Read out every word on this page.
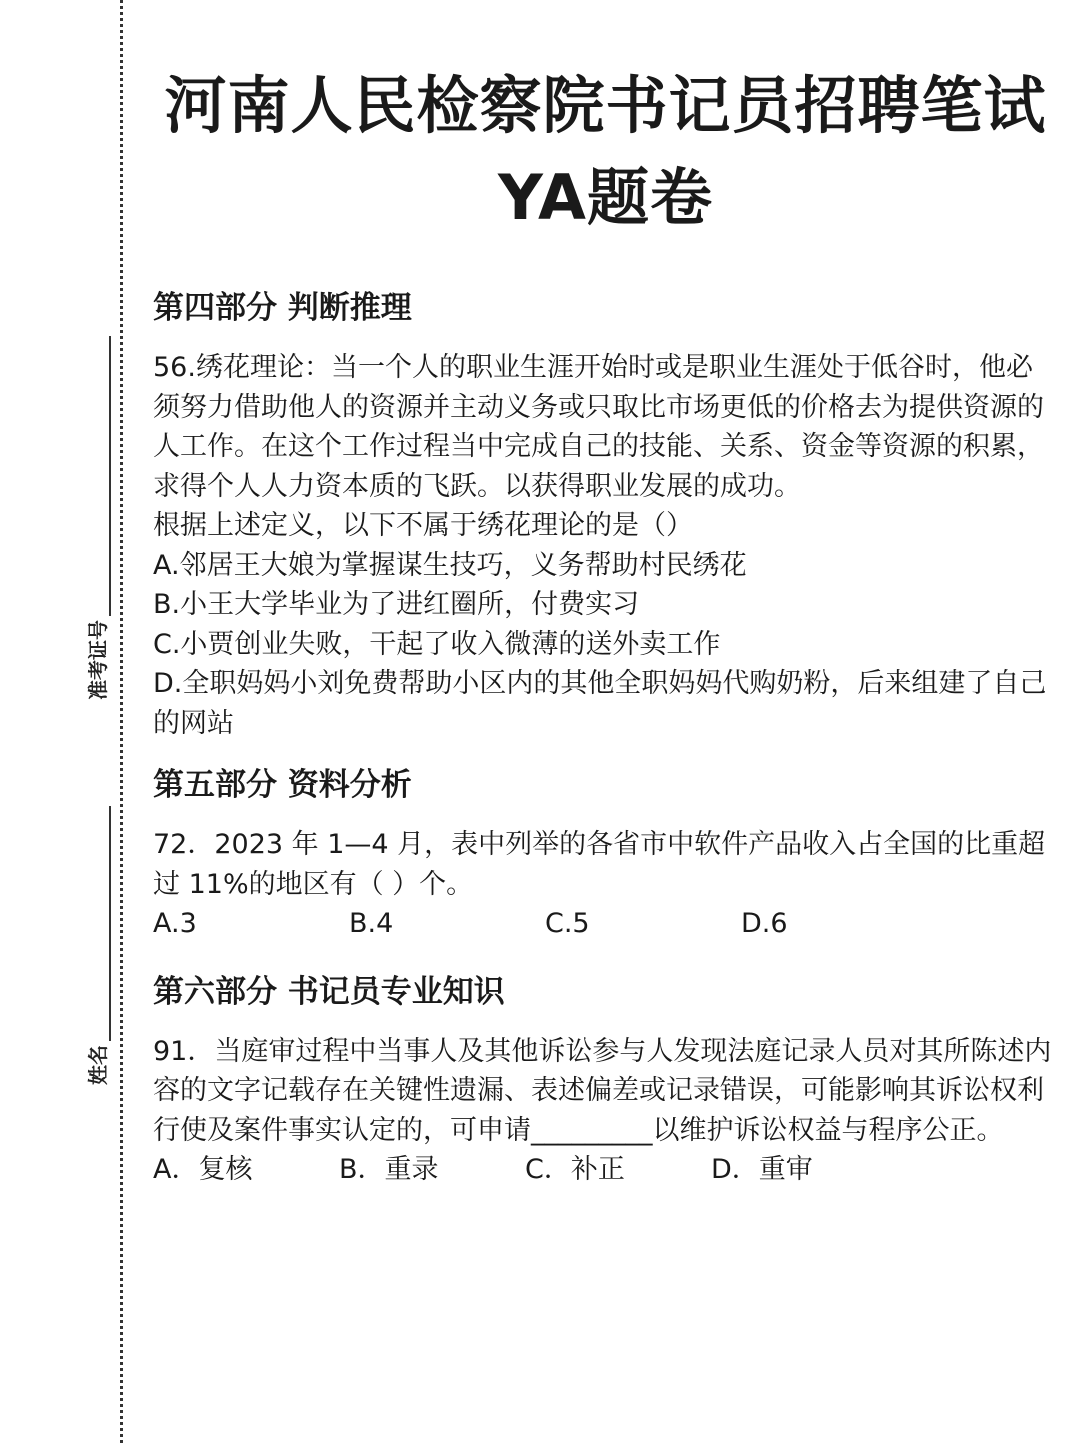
准考证号
姓名
河南人民检察院书记员招聘笔试
YA题卷
第四部分 判断推理

56.绣花理论：当一个人的职业生涯开始时或是职业生涯处于低谷时，他必须努力借助他人的资源并主动义务或只取比市场更低的价格去为提供资源的人工作。在这个工作过程当中完成自己的技能、关系、资金等资源的积累，求得个人人力资本质的飞跃。以获得职业发展的成功。

根据上述定义，以下不属于绣花理论的是（）

A.邻居王大娘为掌握谋生技巧，义务帮助村民绣花

B.小王大学毕业为了进红圈所，付费实习

C.小贾创业失败，干起了收入微薄的送外卖工作

D.全职妈妈小刘免费帮助小区内的其他全职妈妈代购奶粉，后来组建了自己的网站

第五部分 资料分析

72．2023 年 1—4 月，表中列举的各省市中软件产品收入占全国的比重超过 11%的地区有（ ）个。

A.3	B.4	C.5	D.6
第六部分 书记员专业知识

91．当庭审过程中当事人及其他诉讼参与人发现法庭记录人员对其所陈述内容的文字记载存在关键性遗漏、表述偏差或记录错误，可能影响其诉讼权利行使及案件事实认定的，可申请_________以维护诉讼权益与程序公正。

A．复核	B．重录	C．补正	D．重审
